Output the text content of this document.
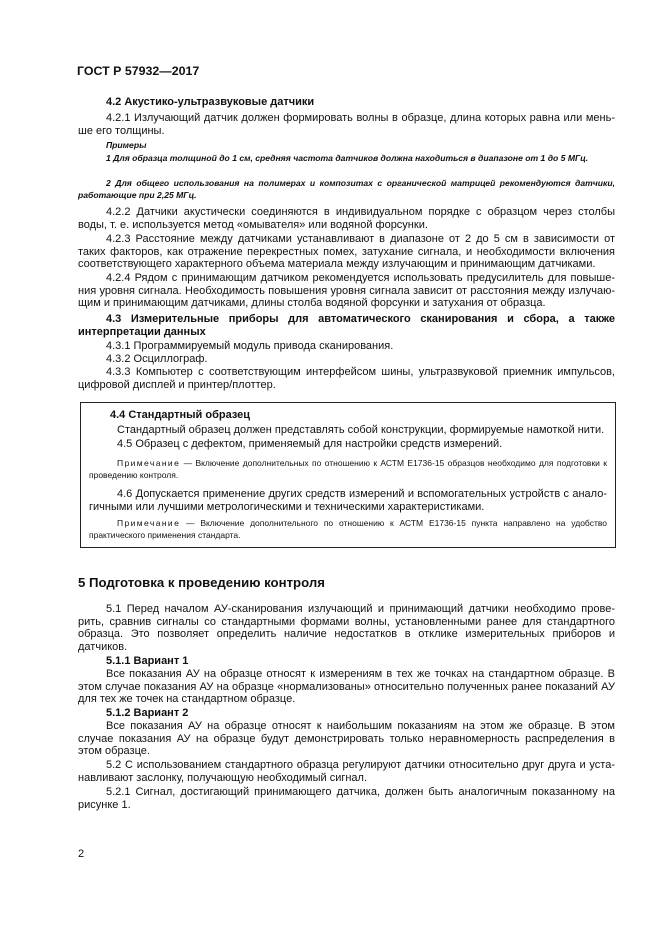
ГОСТ Р 57932—2017
4.2 Акустико-ультразвуковые датчики
4.2.1 Излучающий датчик должен формировать волны в образце, длина которых равна или меньше его толщины.
Примеры
1 Для образца толщиной до 1 см, средняя частота датчиков должна находиться в диапазоне от 1 до 5 МГц.
2 Для общего использования на полимерах и композитах с органической матрицей рекомендуются датчики, работающие при 2,25 МГц.
4.2.2 Датчики акустически соединяются в индивидуальном порядке с образцом через столбы воды, т. е. используется метод «омывателя» или водяной форсунки.
4.2.3 Расстояние между датчиками устанавливают в диапазоне от 2 до 5 см в зависимости от таких факторов, как отражение перекрестных помех, затухание сигнала, и необходимости включения соответствующего характерного объема материала между излучающим и принимающим датчиками.
4.2.4 Рядом с принимающим датчиком рекомендуется использовать предусилитель для повышения уровня сигнала. Необходимость повышения уровня сигнала зависит от расстояния между излучающим и принимающим датчиками, длины столба водяной форсунки и затухания от образца.
4.3 Измерительные приборы для автоматического сканирования и сбора, а также интерпретации данных
4.3.1 Программируемый модуль привода сканирования.
4.3.2 Осциллограф.
4.3.3 Компьютер с соответствующим интерфейсом шины, ультразвуковой приемник импульсов, цифровой дисплей и принтер/плоттер.
4.4 Стандартный образец
Стандартный образец должен представлять собой конструкции, формируемые намоткой нити.
4.5 Образец с дефектом, применяемый для настройки средств измерений.
Примечание — Включение дополнительных по отношению к АСТМ Е1736-15 образцов необходимо для подготовки к проведению контроля.
4.6 Допускается применение других средств измерений и вспомогательных устройств с аналогичными или лучшими метрологическими и техническими характеристиками.
Примечание — Включение дополнительного по отношению к АСТМ Е1736-15 пункта направлено на удобство практического применения стандарта.
5 Подготовка к проведению контроля
5.1 Перед началом АУ-сканирования излучающий и принимающий датчики необходимо проверить, сравнив сигналы со стандартными формами волны, установленными ранее для стандартного образца. Это позволяет определить наличие недостатков в отклике измерительных приборов и датчиков.
5.1.1 Вариант 1
Все показания АУ на образце относят к измерениям в тех же точках на стандартном образце. В этом случае показания АУ на образце «нормализованы» относительно полученных ранее показаний АУ для тех же точек на стандартном образце.
5.1.2 Вариант 2
Все показания АУ на образце относят к наибольшим показаниям на этом же образце. В этом случае показания АУ на образце будут демонстрировать только неравномерность распределения в этом образце.
5.2 С использованием стандартного образца регулируют датчики относительно друг друга и устанавливают заслонку, получающую необходимый сигнал.
5.2.1 Сигнал, достигающий принимающего датчика, должен быть аналогичным показанному на рисунке 1.
2
